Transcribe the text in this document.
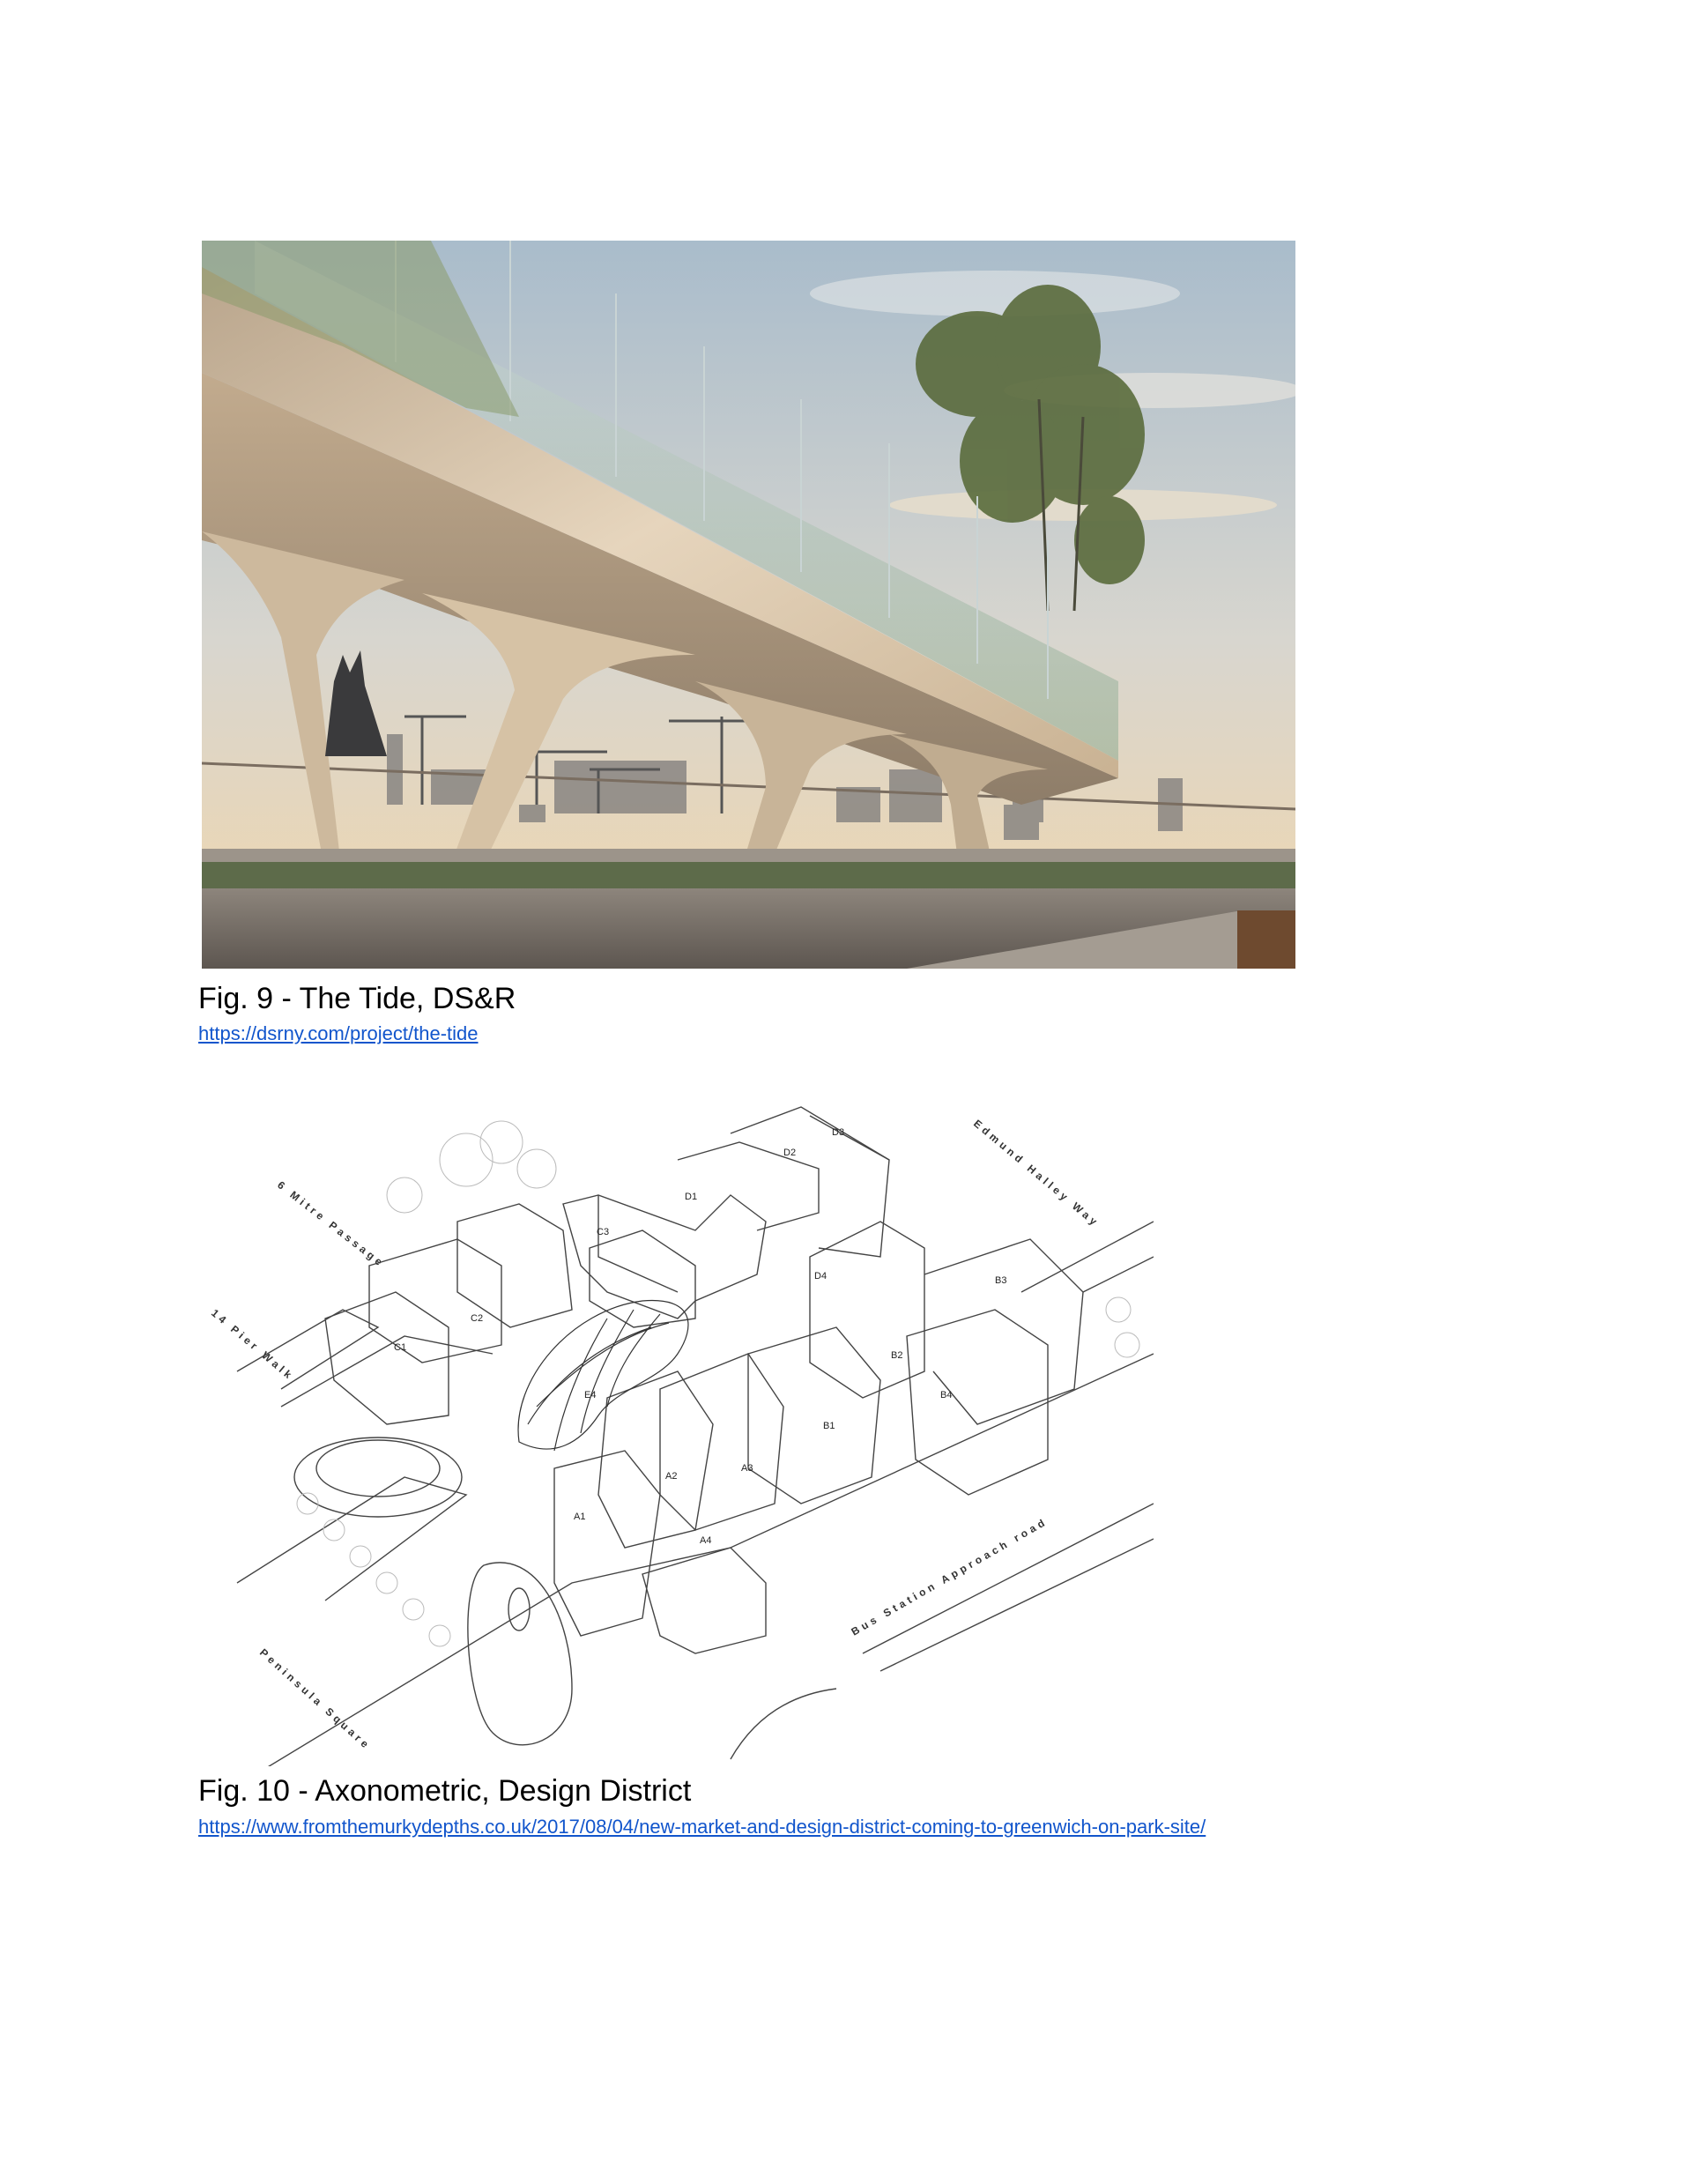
Fig. 9 - The Tide, DS&R

https://dsrny.com/project/the-tide
6 Mitre Passage
14 Pier Walk
Edmund Halley Way
Bus Station Approach road
Peninsula Square
D3
D2
D1
C3
D4	B3
C2
C1
E4
B2
B4
B1
A3
A2
A1
A4

Fig. 10 - Axonometric, Design District

https://www.fromthemurkydepths.co.uk/2017/08/04/new-market-and-design-district-coming-to-greenwich-on-park-site/
